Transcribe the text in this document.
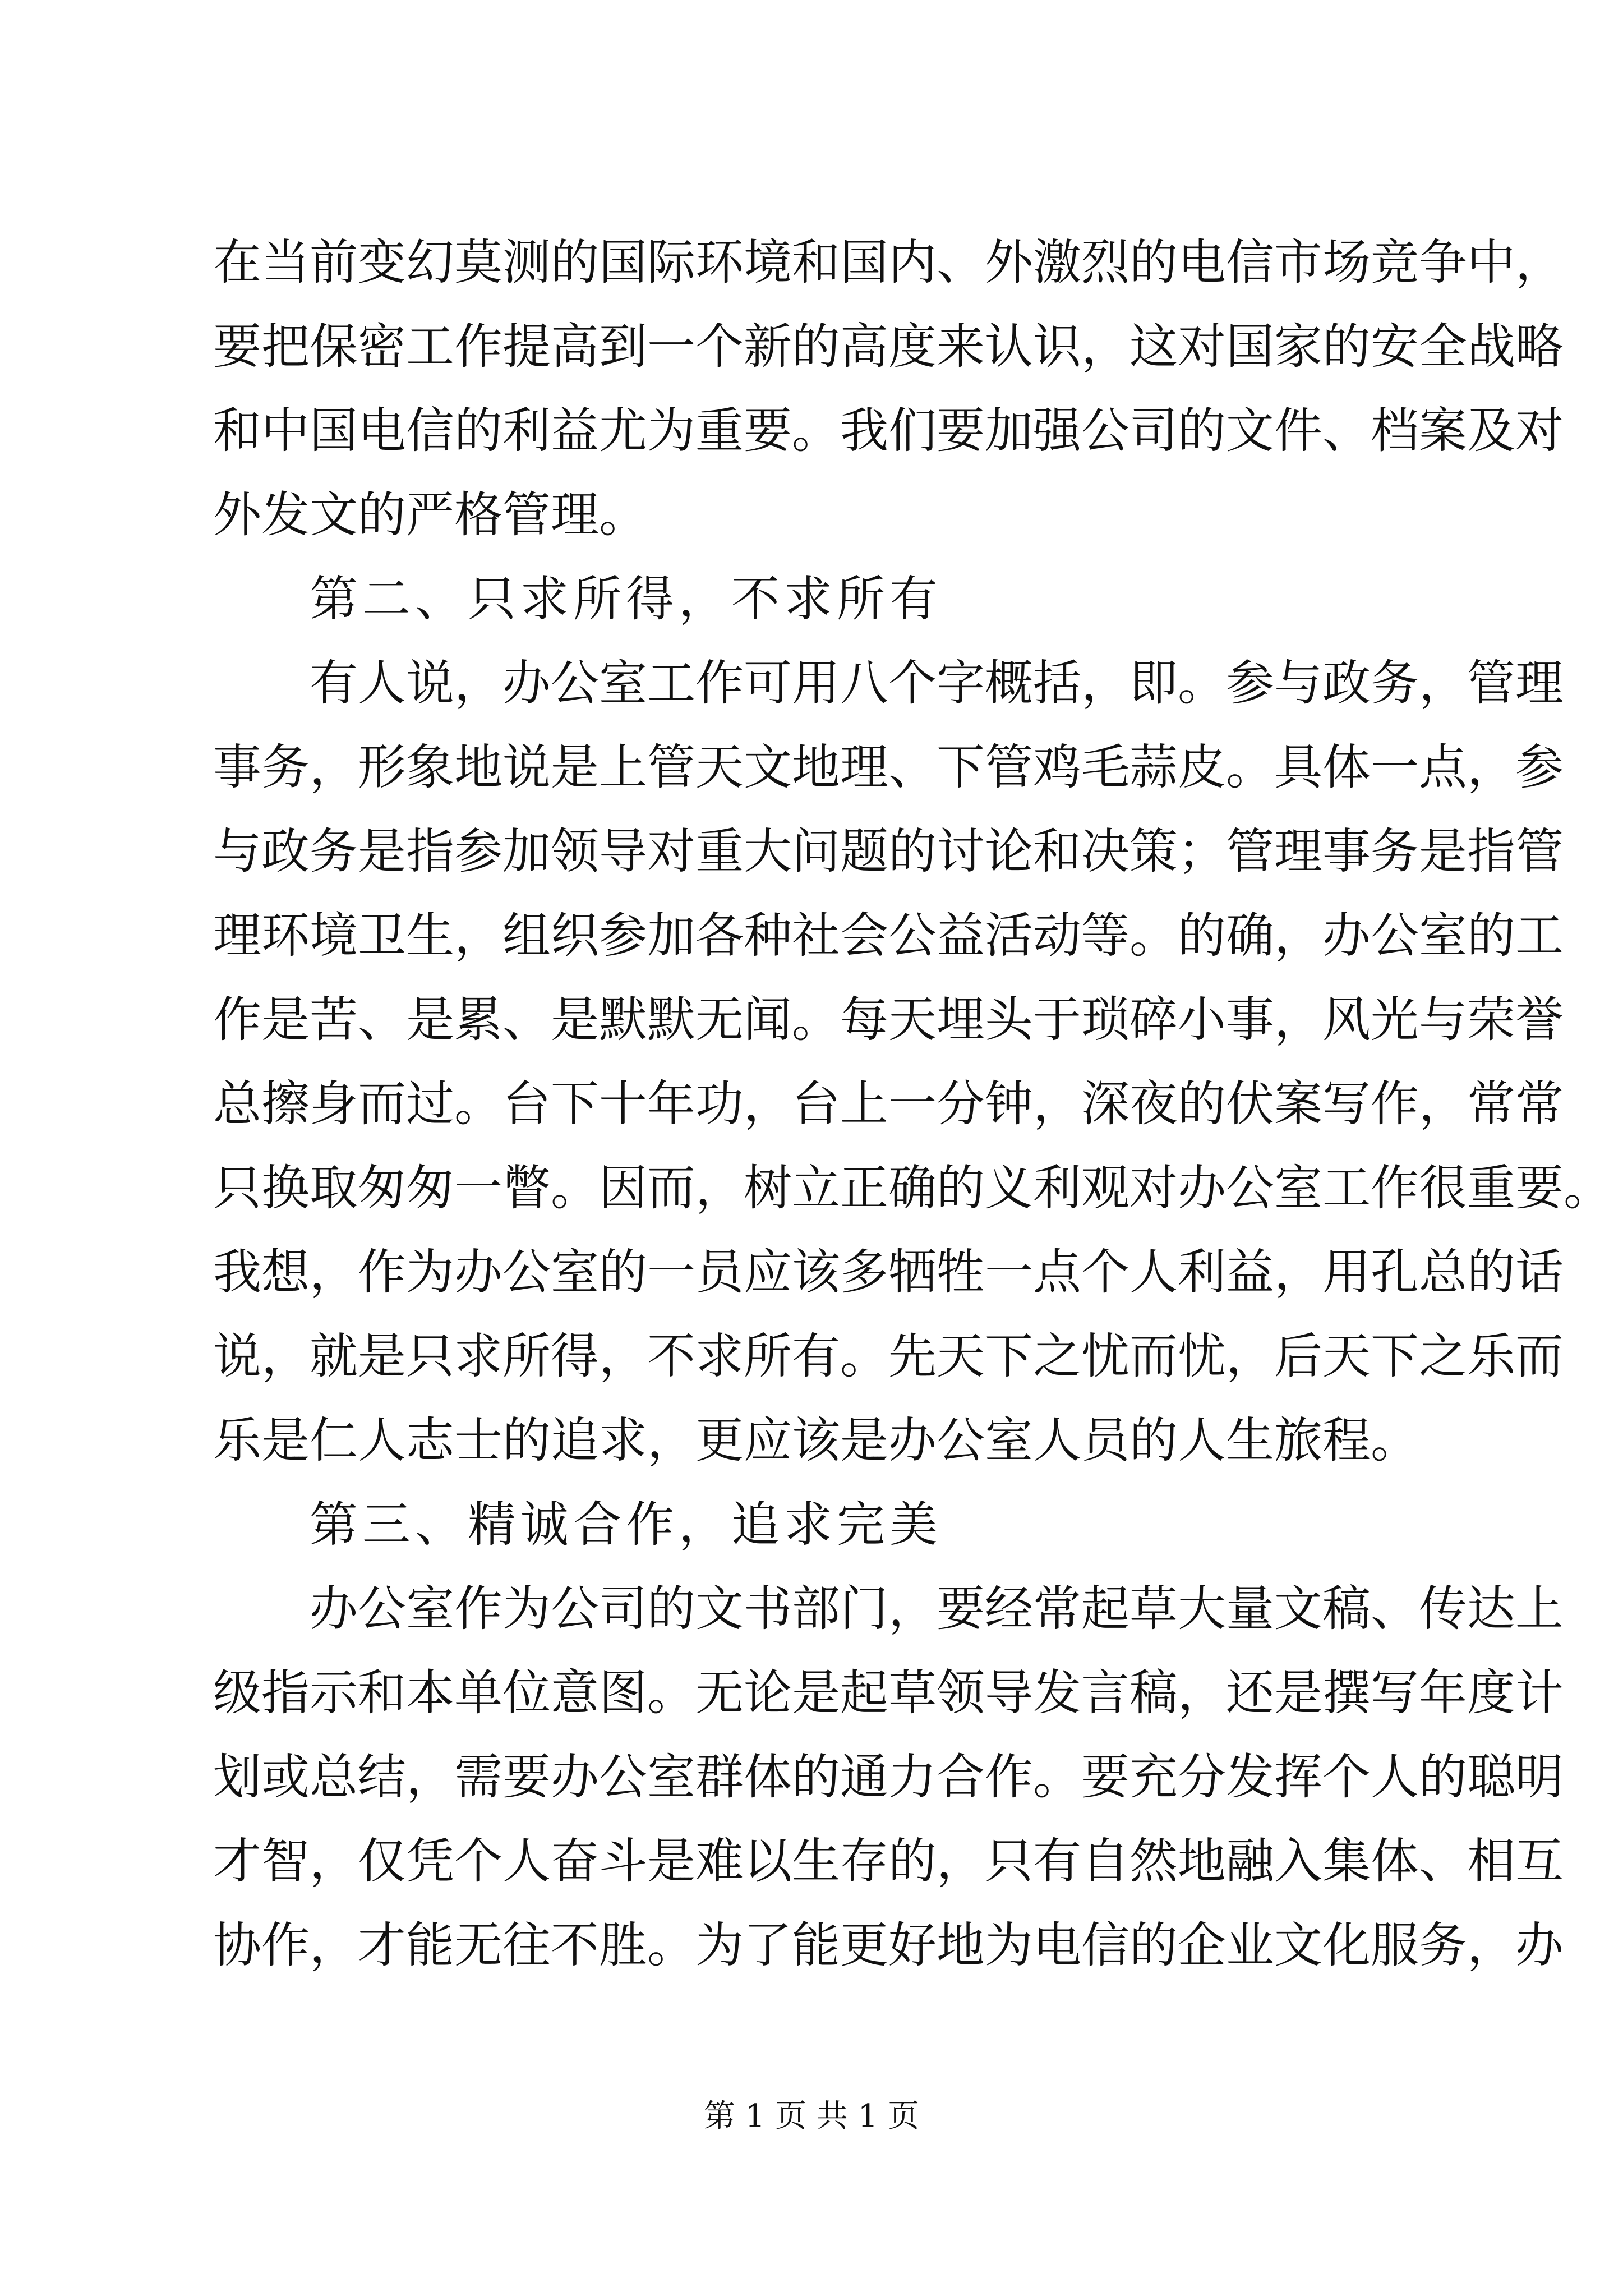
在当前变幻莫测的国际环境和国内、外激烈的电信市场竞争中，
要把保密工作提高到一个新的高度来认识，这对国家的安全战略
和中国电信的利益尤为重要。我们要加强公司的文件、档案及对
外发文的严格管理。
第二、只求所得，不求所有
有人说，办公室工作可用八个字概括，即。参与政务，管理
事务，形象地说是上管天文地理、下管鸡毛蒜皮。具体一点，参
与政务是指参加领导对重大问题的讨论和决策；管理事务是指管
理环境卫生，组织参加各种社会公益活动等。的确，办公室的工
作是苦、是累、是默默无闻。每天埋头于琐碎小事，风光与荣誉
总擦身而过。台下十年功，台上一分钟，深夜的伏案写作，常常
只换取匆匆一瞥。因而，树立正确的义利观对办公室工作很重要。
我想，作为办公室的一员应该多牺牲一点个人利益，用孔总的话
说，就是只求所得，不求所有。先天下之忧而忧，后天下之乐而
乐是仁人志士的追求，更应该是办公室人员的人生旅程。
第三、精诚合作，追求完美
办公室作为公司的文书部门，要经常起草大量文稿、传达上
级指示和本单位意图。无论是起草领导发言稿，还是撰写年度计
划或总结，需要办公室群体的通力合作。要充分发挥个人的聪明
才智，仅凭个人奋斗是难以生存的，只有自然地融入集体、相互
协作，才能无往不胜。为了能更好地为电信的企业文化服务，办
第 1 页 共 1 页
